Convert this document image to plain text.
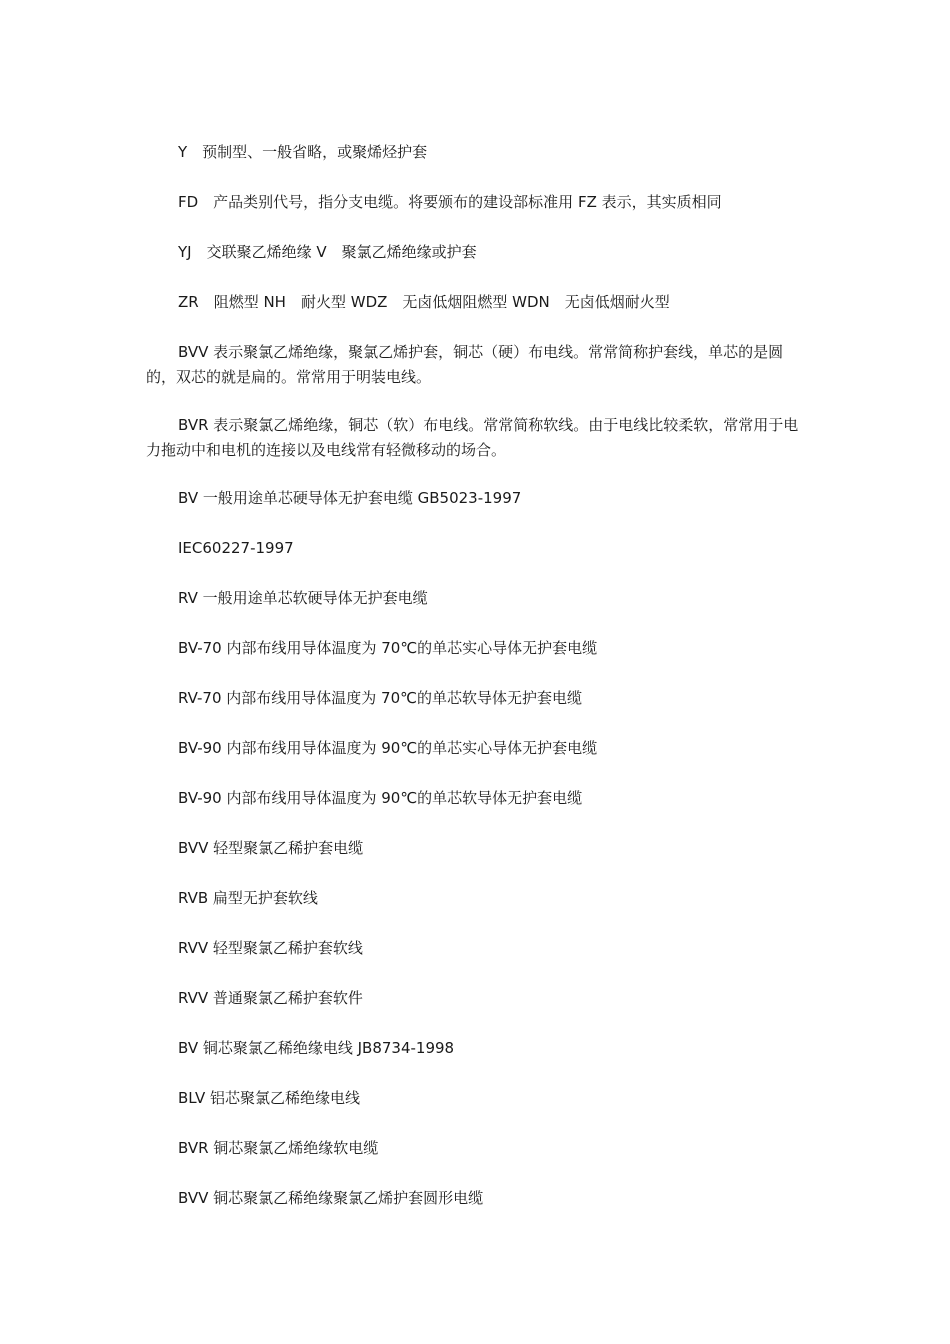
Y　预制型、一般省略，或聚烯烃护套

FD　产品类别代号，指分支电缆。将要颁布的建设部标准用 FZ 表示，其实质相同

YJ　交联聚乙烯绝缘 V　聚氯乙烯绝缘或护套

ZR　阻燃型 NH　耐火型 WDZ　无卤低烟阻燃型 WDN　无卤低烟耐火型

BVV 表示聚氯乙烯绝缘，聚氯乙烯护套，铜芯（硬）布电线。常常简称护套线，单芯的是圆的，双芯的就是扁的。常常用于明装电线。

BVR 表示聚氯乙烯绝缘，铜芯（软）布电线。常常简称软线。由于电线比较柔软，常常用于电力拖动中和电机的连接以及电线常有轻微移动的场合。

BV 一般用途单芯硬导体无护套电缆 GB5023-1997

IEC60227-1997

RV 一般用途单芯软硬导体无护套电缆

BV-70 内部布线用导体温度为 70℃的单芯实心导体无护套电缆

RV-70 内部布线用导体温度为 70℃的单芯软导体无护套电缆

BV-90 内部布线用导体温度为 90℃的单芯实心导体无护套电缆

BV-90 内部布线用导体温度为 90℃的单芯软导体无护套电缆

BVV 轻型聚氯乙稀护套电缆

RVB 扁型无护套软线

RVV 轻型聚氯乙稀护套软线

RVV 普通聚氯乙稀护套软件

BV 铜芯聚氯乙稀绝缘电线 JB8734-1998

BLV 铝芯聚氯乙稀绝缘电线

BVR 铜芯聚氯乙烯绝缘软电缆

BVV 铜芯聚氯乙稀绝缘聚氯乙烯护套圆形电缆
